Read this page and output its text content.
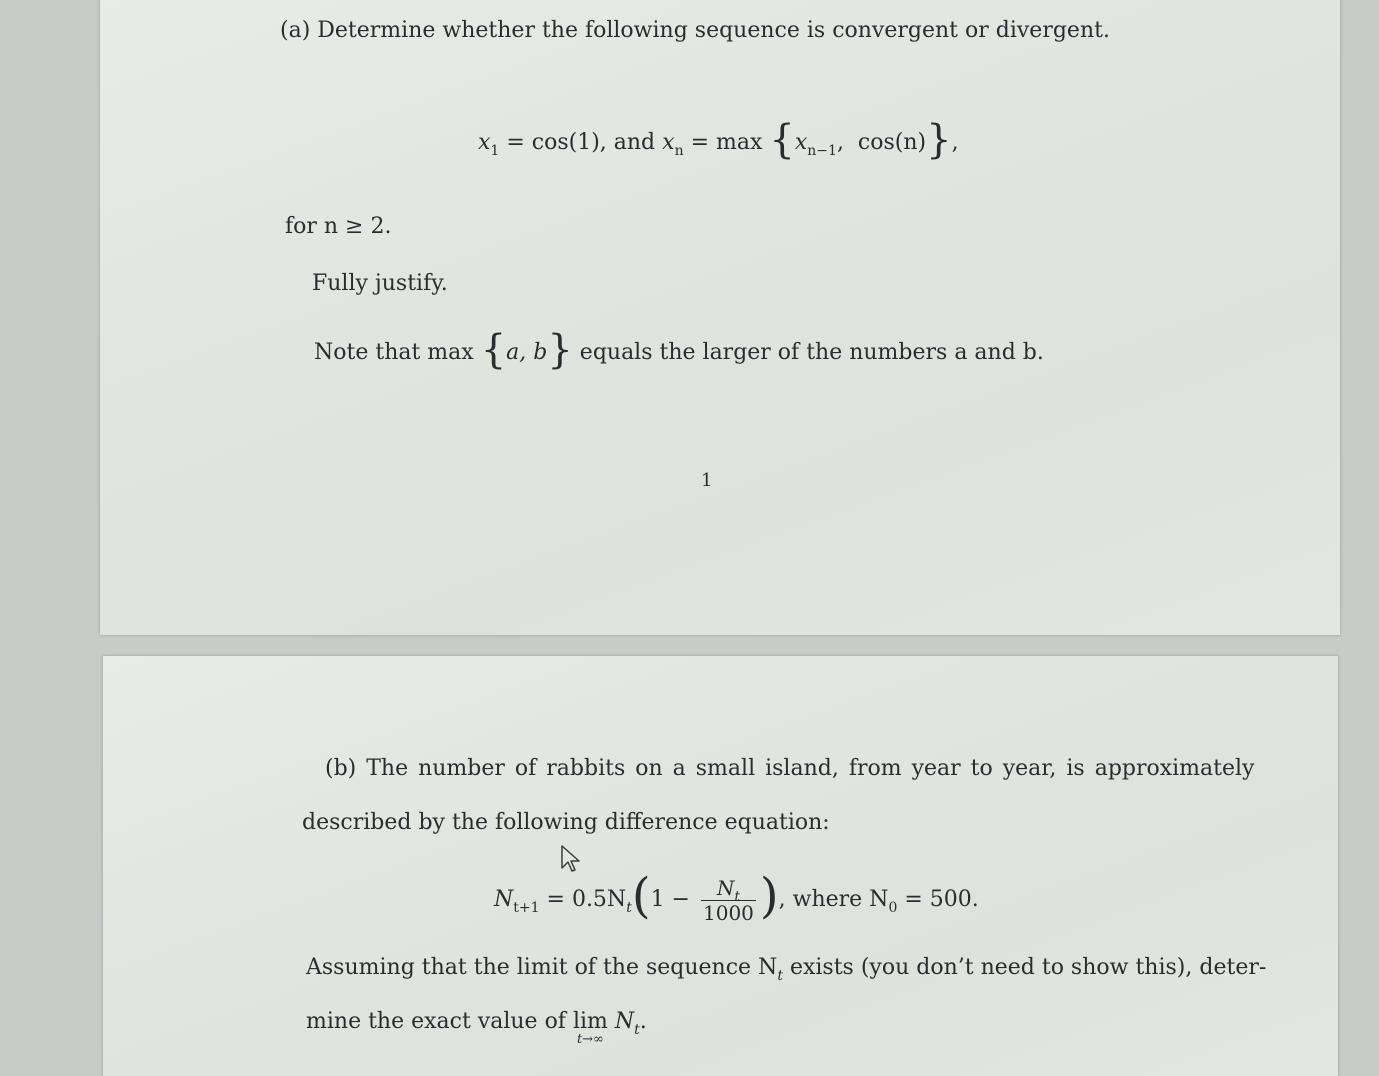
(a) Determine whether the following sequence is convergent or divergent.
$x_1 = \cos(1)$, and $x_n = \max \{x_{n-1}$,  cos(n)},
for n ≥ 2.
Fully justify.
Note that max {a, b} equals the larger of the numbers a and b.
1
(b) The number of rabbits on a small island, from year to year, is approximately
described by the following difference equation:
$N_{t+1} = 0.5N_t(1 - \frac{N_t}{1000}$ ), where $N_0 = 500$.
Assuming that the limit of the sequence $N_t$ exists (you don’t need to show this), deter-
mine the exact value of lim
t→∞
$N_t$.
